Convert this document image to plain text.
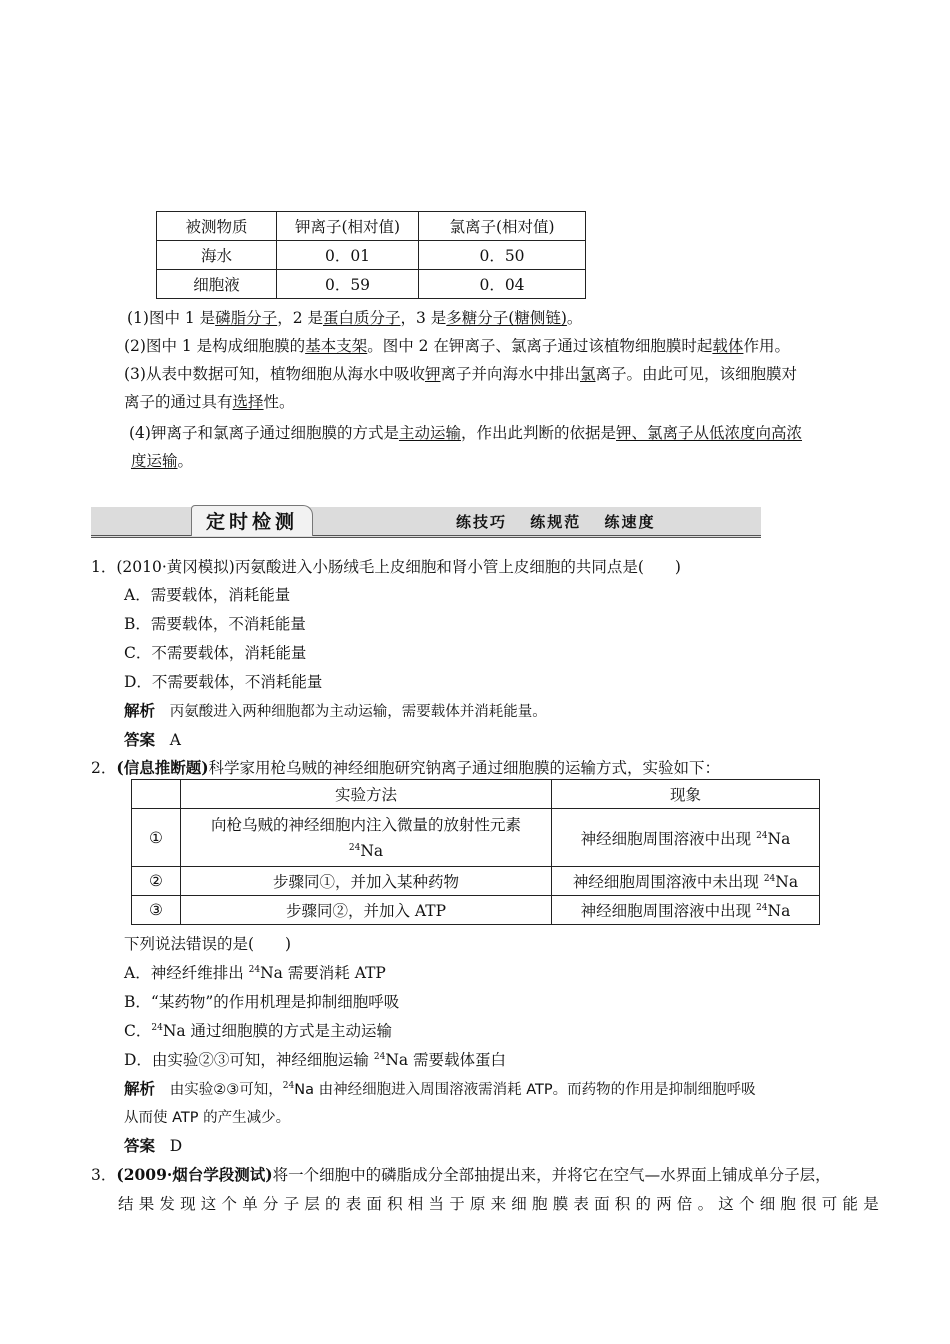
被测物质	钾离子(相对值)	氯离子(相对值)
海水	0．01	0．50
细胞液	0．59	0．04
(1)图中 1 是磷脂分子，2 是蛋白质分子，3 是多糖分子(糖侧链)。
(2)图中 1 是构成细胞膜的基本支架。图中 2 在钾离子、氯离子通过该植物细胞膜时起载体作用。
(3)从表中数据可知，植物细胞从海水中吸收钾离子并向海水中排出氯离子。由此可见，该细胞膜对
离子的通过具有选择性。
(4)钾离子和氯离子通过细胞膜的方式是主动运输，作出此判断的依据是钾、氯离子从低浓度向高浓
度运输。
定时检测	练技巧 练规范 练速度
1．(2010·黄冈模拟)丙氨酸进入小肠绒毛上皮细胞和肾小管上皮细胞的共同点是(　　)
A．需要载体，消耗能量
B．需要载体，不消耗能量
C．不需要载体，消耗能量
D．不需要载体，不消耗能量
解析 丙氨酸进入两种细胞都为主动运输，需要载体并消耗能量。
答案 A
2．(信息推断题)科学家用枪乌贼的神经细胞研究钠离子通过细胞膜的运输方式，实验如下：
	实验方法	现象
①	向枪乌贼的神经细胞内注入微量的放射性元素
$^{24}$Na	神经细胞周围溶液中出现 $^{24}$Na
②	步骤同①，并加入某种药物	神经细胞周围溶液中未出现 $^{24}$Na
③	步骤同②，并加入 ATP	神经细胞周围溶液中出现 $^{24}$Na
下列说法错误的是(　　)
A．神经纤维排出 $^{24}$Na 需要消耗 ATP
B．“某药物”的作用机理是抑制细胞呼吸
C．$^{24}$Na 通过细胞膜的方式是主动运输
D．由实验②③可知，神经细胞运输 $^{24}$Na 需要载体蛋白
解析 由实验②③可知，$^{24}$Na 由神经细胞进入周围溶液需消耗 ATP。而药物的作用是抑制细胞呼吸
从而使 ATP 的产生减少。
答案 D
3．(2009·烟台学段测试)将一个细胞中的磷脂成分全部抽提出来，并将它在空气—水界面上铺成单分子层，
结果发现这个单分子层的表面积相当于原来细胞膜表面积的两倍。这个细胞很可能是
